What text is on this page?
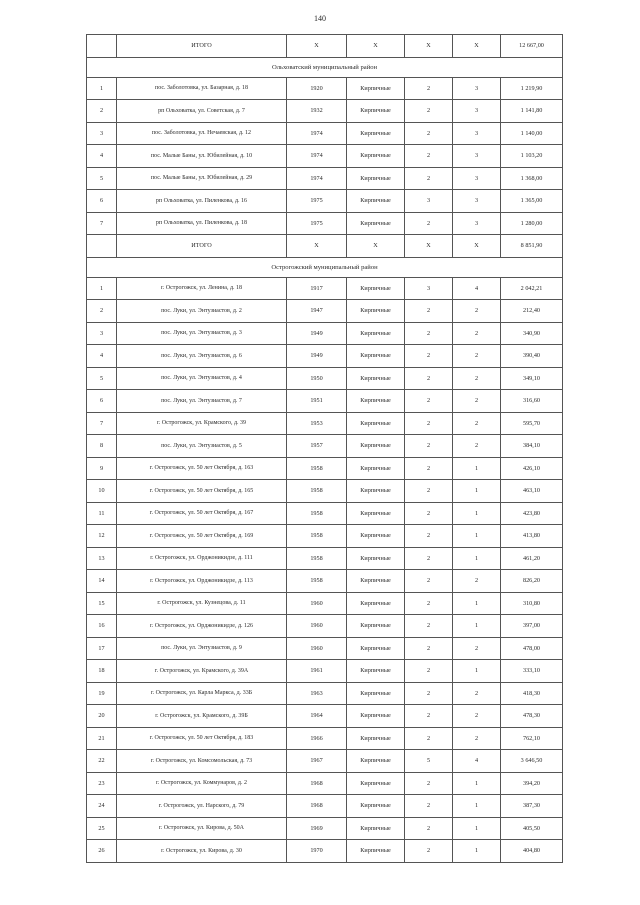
140
	ИТОГО	X	X	X	X	12 667,00
Ольховатский муниципальный район						
1	пос. Заболотовка, ул. Базарная, д. 18	1920	Кирпичные	2	3	1 219,90
2	рп Ольховатка, ул. Советская, д. 7	1932	Кирпичные	2	3	1 141,80
3	пос. Заболотовка, ул. Нечаевская, д. 12	1974	Кирпичные	2	3	1 140,00
4	пос. Малые Баны, ул. Юбилейная, д. 10	1974	Кирпичные	2	3	1 103,20
5	пос. Малые Баны, ул. Юбилейная, д. 29	1974	Кирпичные	2	3	1 368,00
6	рп Ольховатка, ул. Пиленкова, д. 16	1975	Кирпичные	3	3	1 365,00
7	рп Ольховатка, ул. Пиленкова, д. 18	1975	Кирпичные	2	3	1 280,00
	ИТОГО	X	X	X	X	8 851,90
Острогожский муниципальный район						
1	г. Острогожск, ул. Ленина, д. 18	1917	Кирпичные	3	4	2 042,21
2	пос. Луки, ул. Энтузиастов, д. 2	1947	Кирпичные	2	2	212,40
3	пос. Луки, ул. Энтузиастов, д. 3	1949	Кирпичные	2	2	340,90
4	пос. Луки, ул. Энтузиастов, д. 6	1949	Кирпичные	2	2	390,40
5	пос. Луки, ул. Энтузиастов, д. 4	1950	Кирпичные	2	2	349,10
6	пос. Луки, ул. Энтузиастов, д. 7	1951	Кирпичные	2	2	316,60
7	г. Острогожск, ул. Крамского, д. 39	1953	Кирпичные	2	2	595,70
8	пос. Луки, ул. Энтузиастов, д. 5	1957	Кирпичные	2	2	384,10
9	г. Острогожск, ул. 50 лет Октября, д. 163	1958	Кирпичные	2	1	426,10
10	г. Острогожск, ул. 50 лет Октября, д. 165	1958	Кирпичные	2	1	463,10
11	г. Острогожск, ул. 50 лет Октября, д. 167	1958	Кирпичные	2	1	423,80
12	г. Острогожск, ул. 50 лет Октября, д. 169	1958	Кирпичные	2	1	413,80
13	г. Острогожск, ул. Орджоникидзе, д. 111	1958	Кирпичные	2	1	461,20
14	г. Острогожск, ул. Орджоникидзе, д. 113	1958	Кирпичные	2	2	826,20
15	г. Острогожск, ул. Кузнецова, д. 11	1960	Кирпичные	2	1	310,80
16	г. Острогожск, ул. Орджоникидзе, д. 126	1960	Кирпичные	2	1	397,00
17	пос. Луки, ул. Энтузиастов, д. 9	1960	Кирпичные	2	2	478,00
18	г. Острогожск, ул. Крамского, д. 39А	1961	Кирпичные	2	1	333,10
19	г. Острогожск, ул. Карла Маркса, д. 33Б	1963	Кирпичные	2	2	418,30
20	г. Острогожск, ул. Крамского, д. 39Б	1964	Кирпичные	2	2	478,30
21	г. Острогожск, ул. 50 лет Октября, д. 183	1966	Кирпичные	2	2	762,10
22	г. Острогожск, ул. Комсомольская, д. 73	1967	Кирпичные	5	4	3 646,50
23	г. Острогожск, ул. Коммунаров, д. 2	1968	Кирпичные	2	1	394,20
24	г. Острогожск, ул. Нарского, д. 79	1968	Кирпичные	2	1	387,30
25	г. Острогожск, ул. Кирова, д. 50А	1969	Кирпичные	2	1	405,50
26	г. Острогожск, ул. Кирова, д. 30	1970	Кирпичные	2	1	404,80
